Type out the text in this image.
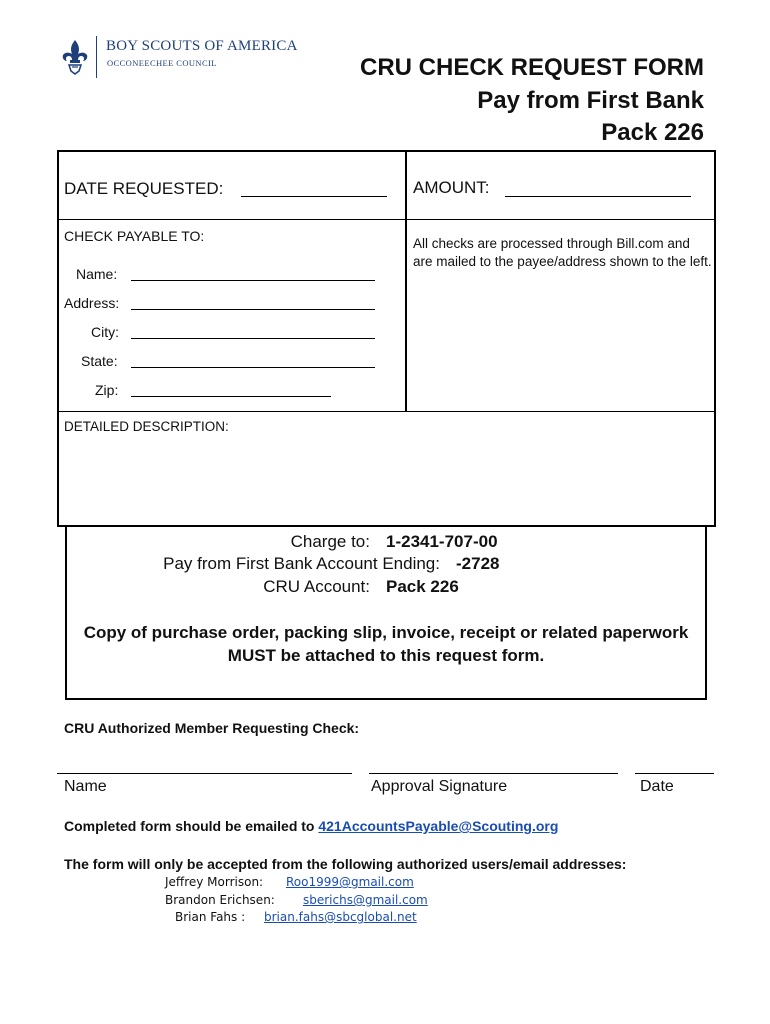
BOY SCOUTS OF AMERICA
OCCONEECHEE COUNCIL	CRU CHECK REQUEST FORM
Pay from First Bank
Pack 226
DATE REQUESTED:	AMOUNT:
CHECK PAYABLE TO:
Name:
Address:
City:
State:
Zip:
All checks are processed through Bill.com and are mailed to the payee/address shown to the left.
DETAILED DESCRIPTION:
Charge to: 1-2341-707-00
Pay from First Bank Account Ending: -2728
CRU Account: Pack 226
Copy of purchase order, packing slip, invoice, receipt or related paperwork MUST be attached to this request form.
CRU Authorized Member Requesting Check:
Name	Approval Signature	Date
Completed form should be emailed to 421AccountsPayable@Scouting.org
The form will only be accepted from the following authorized users/email addresses:
Jeffrey Morrison: Roo1999@gmail.com
Brandon Erichsen: sberichs@gmail.com
Brian Fahs : brian.fahs@sbcglobal.net
